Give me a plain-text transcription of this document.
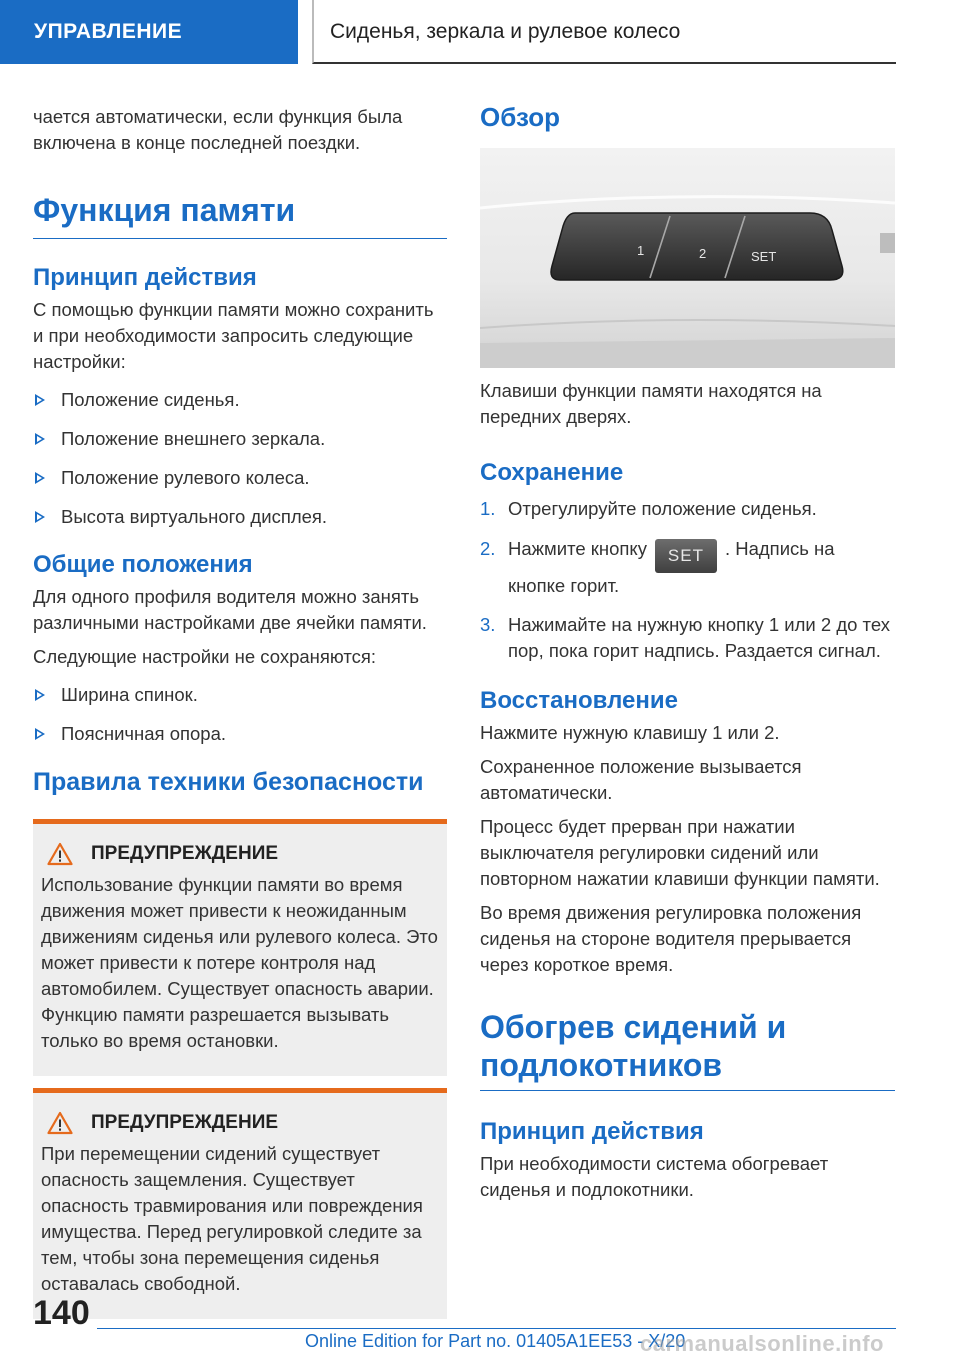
УПРАВЛЕНИЕ	Сиденья, зеркала и рулевое колесо

чается автоматически, если функция была включена в конце последней поездки.

Функция памяти
Принцип действия

С помощью функции памяти можно сохранить и при необходимости запросить следующие настройки:

Положение сиденья.
Положение внешнего зеркала.
Положение рулевого колеса.
Высота виртуального дисплея.
Общие положения

Для одного профиля водителя можно занять различными настройками две ячейки памяти.

Следующие настройки не сохраняются:

Ширина спинок.
Поясничная опора.
Правила техники безопасности
ПРЕДУПРЕЖДЕНИЕ

Использование функции памяти во время движения может привести к неожиданным движениям сиденья или рулевого колеса. Это может привести к потере контроля над автомобилем. Существует опасность аварии. Функцию памяти разрешается вызывать только во время остановки.

ПРЕДУПРЕЖДЕНИЕ

При перемещении сидений существует опасность защемления. Существует опасность травмирования или повреждения имущества. Перед регулировкой следите за тем, чтобы зона перемещения сиденья оставалась свободной.

Обзор
1	2	SET

Клавиши функции памяти находятся на передних дверях.

Сохранение
1. Отрегулируйте положение сиденья.
2. Нажмите кнопку SET . Надпись на кнопке горит.
3. Нажимайте на нужную кнопку 1 или 2 до тех пор, пока горит надпись. Раздается сигнал.
Восстановление

Нажмите нужную клавишу 1 или 2.

Сохраненное положение вызывается автоматически.

Процесс будет прерван при нажатии выключателя регулировки сидений или повторном нажатии клавиши функции памяти.

Во время движения регулировка положения сиденья на стороне водителя прерывается через короткое время.

Обогрев сидений и подлокотников
Принцип действия

При необходимости система обогревает сиденья и подлокотники.

140
Online Edition for Part no. 01405A1EE53 - X/20
carmanualsonline.info
